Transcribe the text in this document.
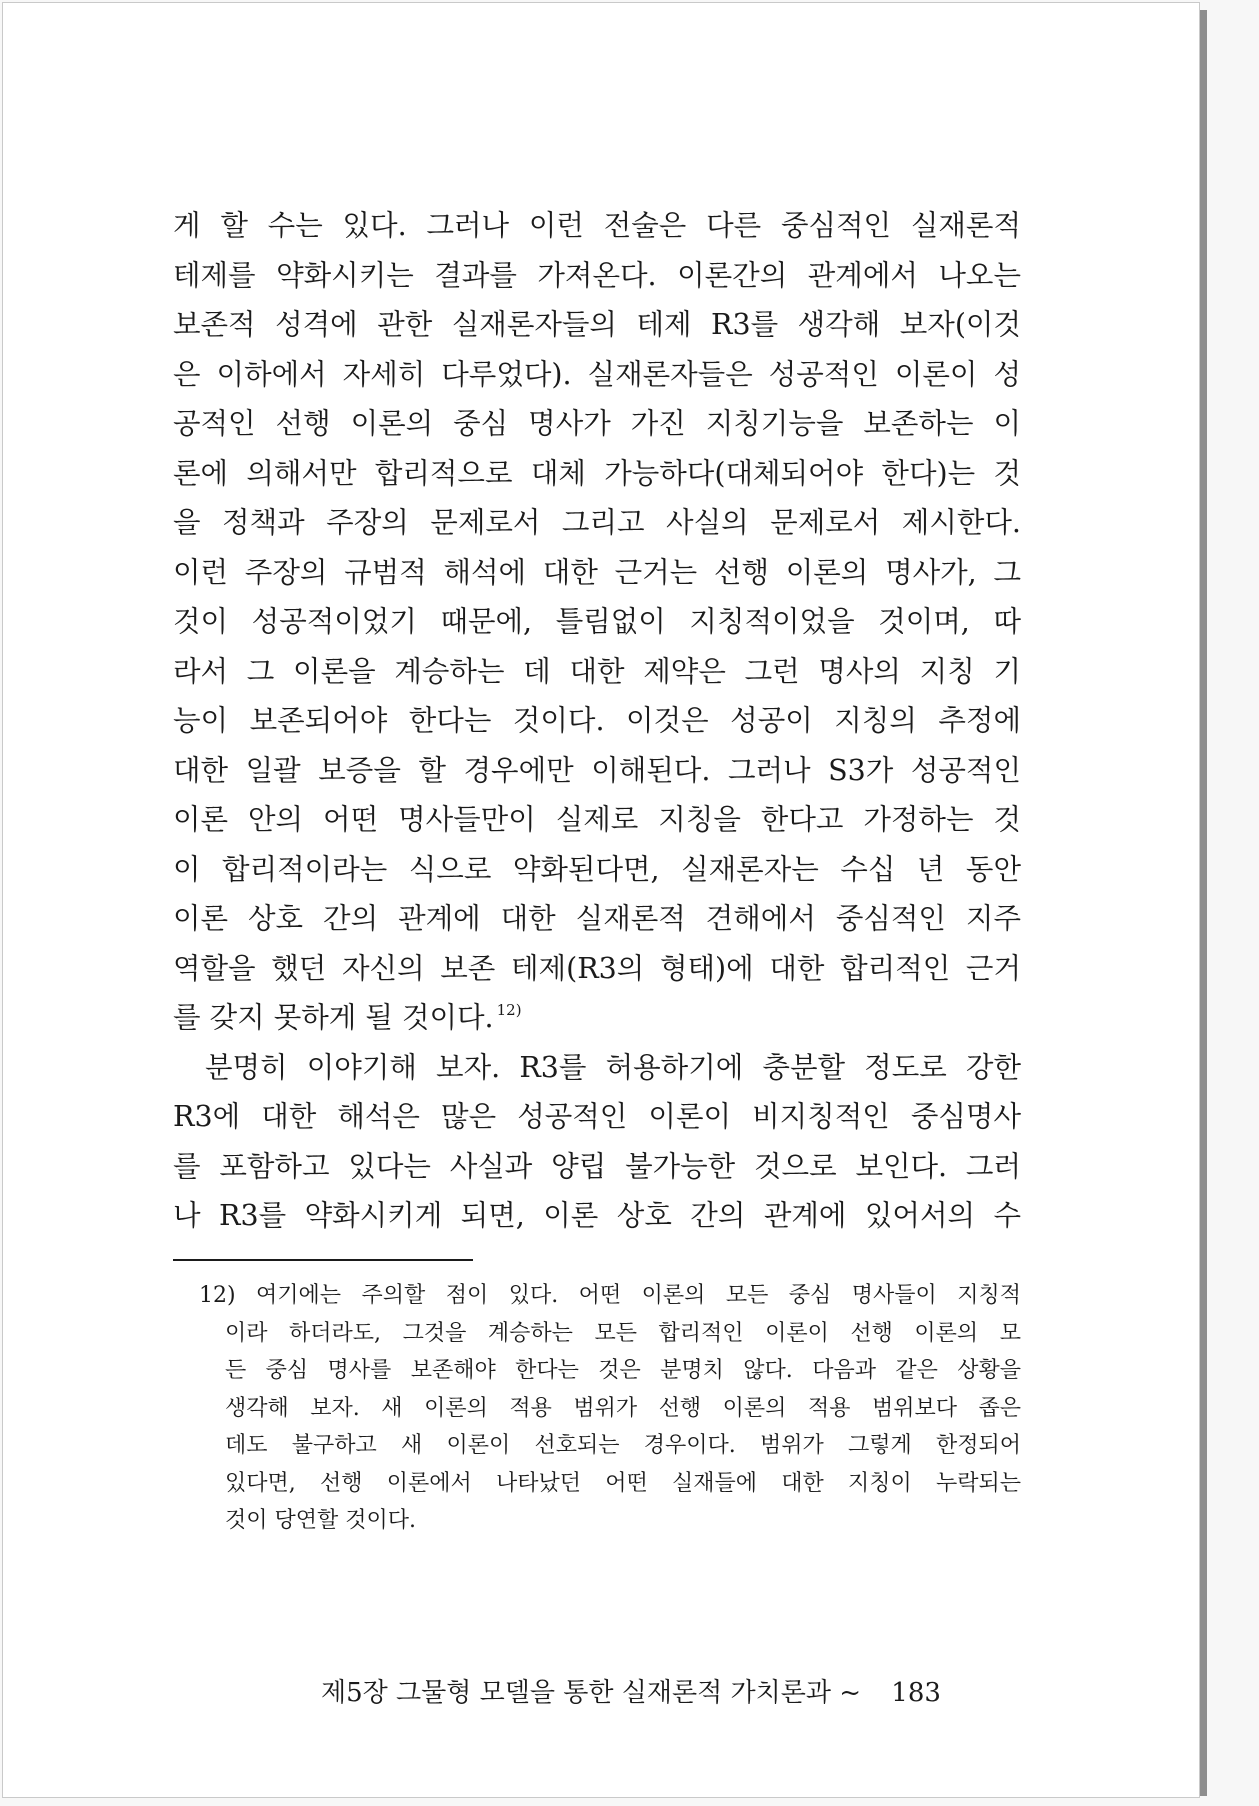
게 할 수는 있다. 그러나 이런 전술은 다른 중심적인 실재론적
테제를 약화시키는 결과를 가져온다. 이론간의 관계에서 나오는
보존적 성격에 관한 실재론자들의 테제 R3를 생각해 보자(이것
은 이하에서 자세히 다루었다). 실재론자들은 성공적인 이론이 성
공적인 선행 이론의 중심 명사가 가진 지칭기능을 보존하는 이
론에 의해서만 합리적으로 대체 가능하다(대체되어야 한다)는 것
을 정책과 주장의 문제로서 그리고 사실의 문제로서 제시한다.
이런 주장의 규범적 해석에 대한 근거는 선행 이론의 명사가, 그
것이 성공적이었기 때문에, 틀림없이 지칭적이었을 것이며, 따
라서 그 이론을 계승하는 데 대한 제약은 그런 명사의 지칭 기
능이 보존되어야 한다는 것이다. 이것은 성공이 지칭의 추정에
대한 일괄 보증을 할 경우에만 이해된다. 그러나 S3가 성공적인
이론 안의 어떤 명사들만이 실제로 지칭을 한다고 가정하는 것
이 합리적이라는 식으로 약화된다면, 실재론자는 수십 년 동안
이론 상호 간의 관계에 대한 실재론적 견해에서 중심적인 지주
역할을 했던 자신의 보존 테제(R3의 형태)에 대한 합리적인 근거
를 갖지 못하게 될 것이다. $^{12)}$
분명히 이야기해 보자. R3를 허용하기에 충분할 정도로 강한
R3에 대한 해석은 많은 성공적인 이론이 비지칭적인 중심명사
를 포함하고 있다는 사실과 양립 불가능한 것으로 보인다. 그러
나 R3를 약화시키게 되면, 이론 상호 간의 관계에 있어서의 수
12) 여기에는 주의할 점이 있다. 어떤 이론의 모든 중심 명사들이 지칭적
이라 하더라도, 그것을 계승하는 모든 합리적인 이론이 선행 이론의 모
든 중심 명사를 보존해야 한다는 것은 분명치 않다. 다음과 같은 상황을
생각해 보자. 새 이론의 적용 범위가 선행 이론의 적용 범위보다 좁은
데도 불구하고 새 이론이 선호되는 경우이다. 범위가 그렇게 한정되어
있다면, 선행 이론에서 나타났던 어떤 실재들에 대한 지칭이 누락되는
것이 당연할 것이다.
제5장 그물형 모델을 통한 실재론적 가치론과 ~ 183
